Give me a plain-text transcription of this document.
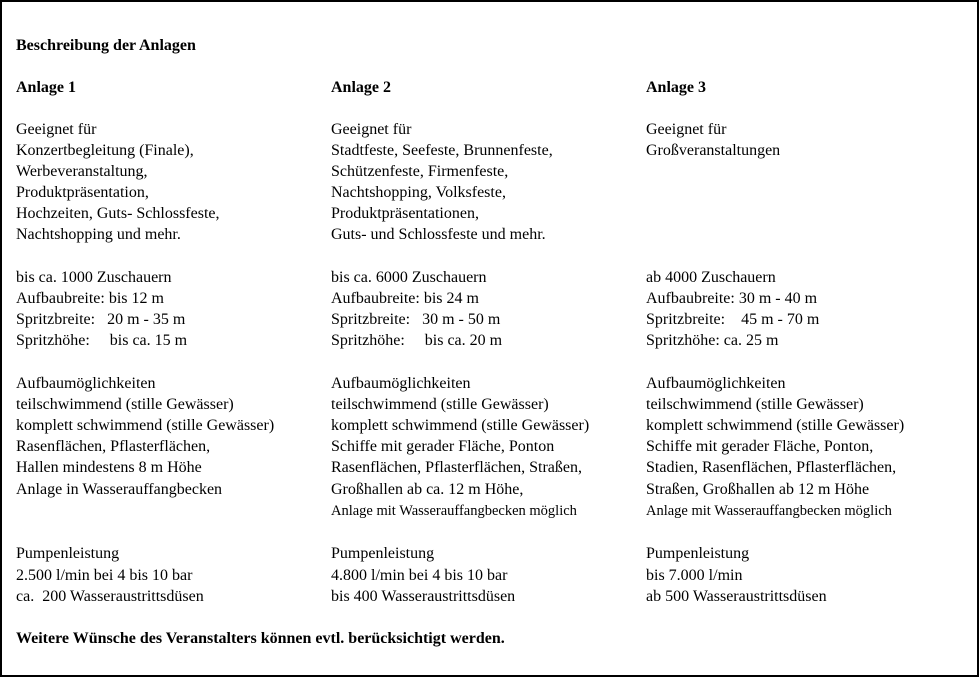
Beschreibung der Anlagen
Anlage 1
Geeignet für
Konzertbegleitung (Finale),
Werbeveranstaltung,
Produktpräsentation,
Hochzeiten, Guts- Schlossfeste,
Nachtshopping und mehr.
bis ca. 1000 Zuschauern
Aufbaubreite: bis 12 m
Spritzbreite:   20 m - 35 m
Spritzhöhe:     bis ca. 15 m
Aufbaumöglichkeiten
teilschwimmend (stille Gewässer)
komplett schwimmend (stille Gewässer)
Rasenflächen, Pflasterflächen,
Hallen mindestens 8 m Höhe
Anlage in Wasserauffangbecken
Pumpenleistung
2.500 l/min bei 4 bis 10 bar
ca.  200 Wasseraustrittsdüsen
Anlage 2
Geeignet für
Stadtfeste, Seefeste, Brunnenfeste,
Schützenfeste, Firmenfeste,
Nachtshopping, Volksfeste,
Produktpräsentationen,
Guts- und Schlossfeste und mehr.
bis ca. 6000 Zuschauern
Aufbaubreite: bis 24 m
Spritzbreite:   30 m - 50 m
Spritzhöhe:     bis ca. 20 m
Aufbaumöglichkeiten
teilschwimmend (stille Gewässer)
komplett schwimmend (stille Gewässer)
Schiffe mit gerader Fläche, Ponton
Rasenflächen, Pflasterflächen, Straßen,
Großhallen ab ca. 12 m Höhe,
Anlage mit Wasserauffangbecken möglich
Pumpenleistung
4.800 l/min bei 4 bis 10 bar
bis 400 Wasseraustrittsdüsen
Anlage 3
Geeignet für
Großveranstaltungen
ab 4000 Zuschauern
Aufbaubreite: 30 m - 40 m
Spritzbreite:    45 m - 70 m
Spritzhöhe: ca. 25 m
Aufbaumöglichkeiten
teilschwimmend (stille Gewässer)
komplett schwimmend (stille Gewässer)
Schiffe mit gerader Fläche, Ponton,
Stadien, Rasenflächen, Pflasterflächen,
Straßen, Großhallen ab 12 m Höhe
Anlage mit Wasserauffangbecken möglich
Pumpenleistung
bis 7.000 l/min
ab 500 Wasseraustrittsdüsen
Weitere Wünsche des Veranstalters können evtl. berücksichtigt werden.
